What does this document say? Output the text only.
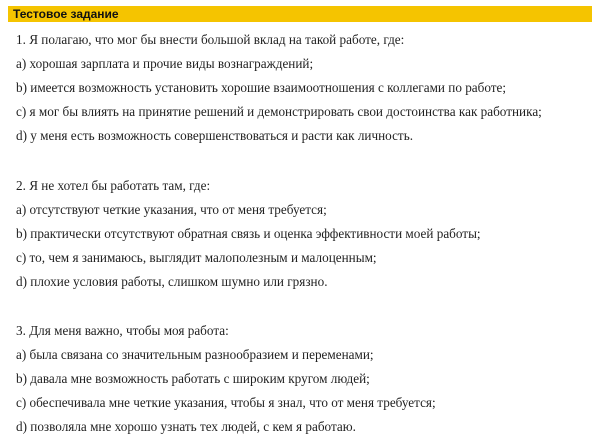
Тестовое задание
1. Я полагаю, что мог бы внести большой вклад на такой работе, где:
a) хорошая зарплата и прочие виды вознаграждений;
b) имеется возможность установить хорошие взаимоотношения с коллегами по работе;
c) я мог бы влиять на принятие решений и демонстрировать свои достоинства как работника;
d) у меня есть возможность совершенствоваться и расти как личность.
2. Я не хотел бы работать там, где:
a) отсутствуют четкие указания, что от меня требуется;
b) практически отсутствуют обратная связь и оценка эффективности моей работы;
c) то, чем я занимаюсь, выглядит малополезным и малоценным;
d) плохие условия работы, слишком шумно или грязно.
3. Для меня важно, чтобы моя работа:
a) была связана со значительным разнообразием и переменами;
b) давала мне возможность работать с широким кругом людей;
c) обеспечивала мне четкие указания, чтобы я знал, что от меня требуется;
d) позволяла мне хорошо узнать тех людей, с кем я работаю.
